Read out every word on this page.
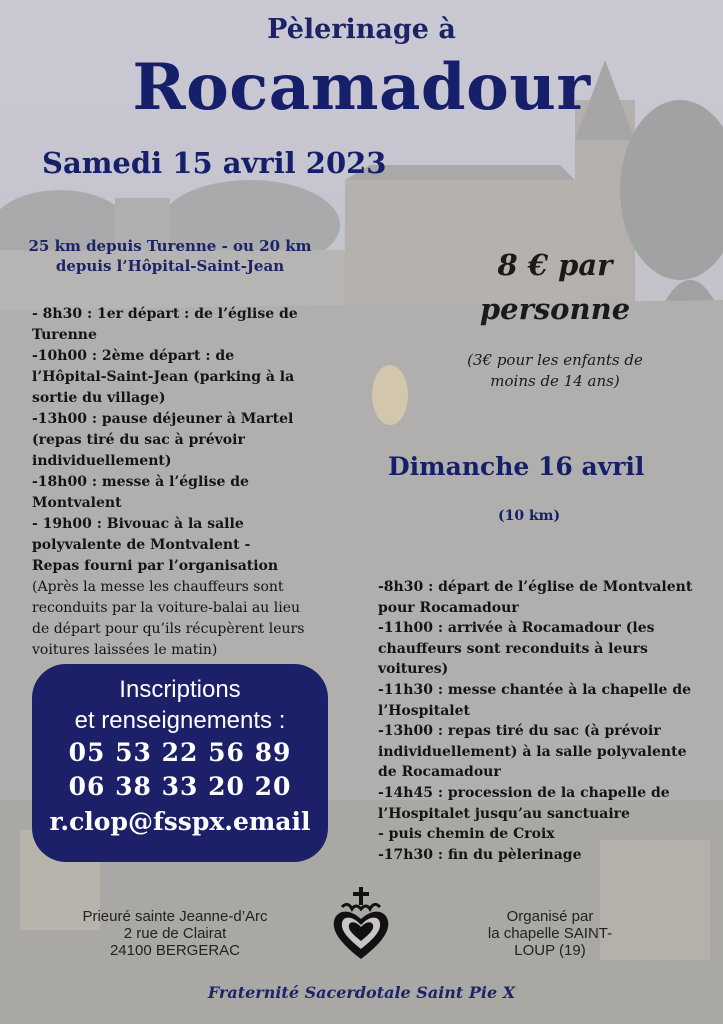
Pèlerinage à
Rocamadour
Samedi 15 avril 2023
25 km depuis Turenne - ou 20 km
depuis l’Hôpital-Saint-Jean

- 8h30 : 1er départ : de l’église de Turenne

-10h00 : 2ème départ : de l’Hôpital-Saint-Jean (parking à la sortie du village)

-13h00 : pause déjeuner à Martel (repas tiré du sac à prévoir individuellement)

-18h00 : messe à l’église de Montvalent

- 19h00 : Bivouac à la salle polyvalente de Montvalent -

Repas fourni par l’organisation

(Après la messe les chauffeurs sont reconduits par la voiture-balai au lieu de départ pour qu’ils récupèrent leurs voitures laissées le matin)

8 € par
personne
(3€ pour les enfants de
moins de 14 ans)
Dimanche 16 avril
(10 km)

-8h30 : départ de l’église de Montvalent pour Rocamadour

-11h00 : arrivée à Rocamadour (les chauffeurs sont reconduits à leurs voitures)

-11h30 : messe chantée à la chapelle de l’Hospitalet

-13h00 : repas tiré du sac (à prévoir individuellement) à la salle polyvalente de Rocamadour

-14h45 : procession de la chapelle de l’Hospitalet jusqu’au sanctuaire

- puis chemin de Croix

-17h30 : fin du pèlerinage

Inscriptions
et renseignements :
05 53 22 56 89
06 38 33 20 20
r.clop@fsspx.email
Prieuré sainte Jeanne-d’Arc
2 rue de Clairat
24100 BERGERAC
Organisé par
la chapelle SAINT-
LOUP (19)
Fraternité Sacerdotale Saint Pie X
